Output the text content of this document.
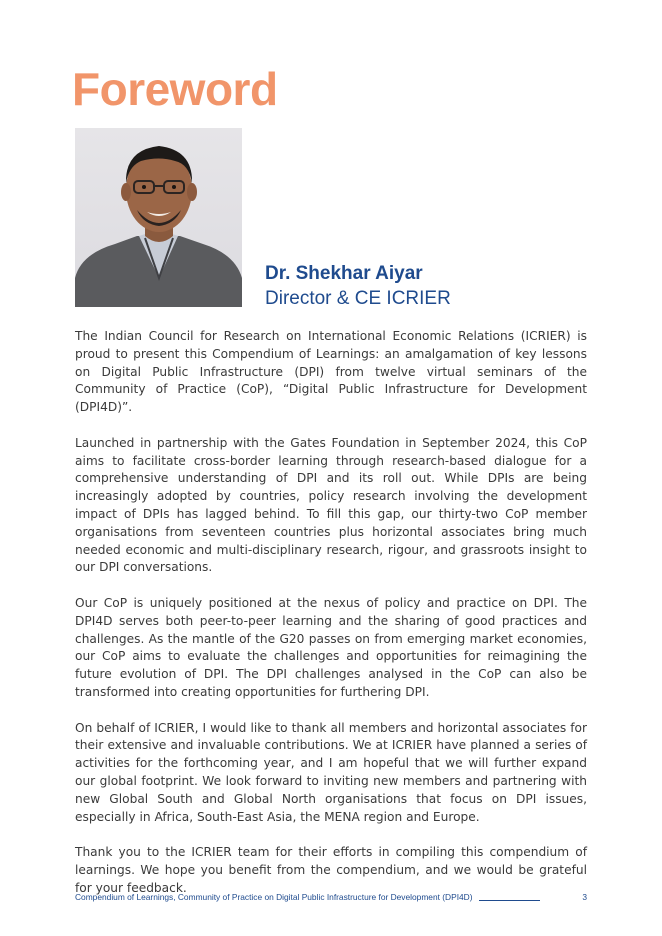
Foreword
Dr. Shekhar Aiyar
Director & CE ICRIER

The Indian Council for Research on International Economic Relations (ICRIER) is proud to present this Compendium of Learnings: an amalgamation of key lessons on Digital Public Infrastructure (DPI) from twelve virtual seminars of the Community of Practice (CoP), “Digital Public Infrastructure for Development (DPI4D)”.

Launched in partnership with the Gates Foundation in September 2024, this CoP aims to facilitate cross-border learning through research-based dialogue for a comprehensive understanding of DPI and its roll out. While DPIs are being increasingly adopted by countries, policy research involving the development impact of DPIs has lagged behind. To fill this gap, our thirty-two CoP member organisations from seventeen countries plus horizontal associates bring much needed economic and multi-disciplinary research, rigour, and grassroots insight to our DPI conversations.

Our CoP is uniquely positioned at the nexus of policy and practice on DPI. The DPI4D serves both peer-to-peer learning and the sharing of good practices and challenges. As the mantle of the G20 passes on from emerging market economies, our CoP aims to evaluate the challenges and opportunities for reimagining the future evolution of DPI. The DPI challenges analysed in the CoP can also be transformed into creating opportunities for furthering DPI.

On behalf of ICRIER, I would like to thank all members and horizontal associates for their extensive and invaluable contributions. We at ICRIER have planned a series of activities for the forthcoming year, and I am hopeful that we will further expand our global footprint. We look forward to inviting new members and partnering with new Global South and Global North organisations that focus on DPI issues, especially in Africa, South-East Asia, the MENA region and Europe.

Thank you to the ICRIER team for their efforts in compiling this compendium of learnings. We hope you benefit from the compendium, and we would be grateful for your feedback.

Compendium of Learnings, Community of Practice on Digital Public Infrastructure for Development (DPI4D)	3
